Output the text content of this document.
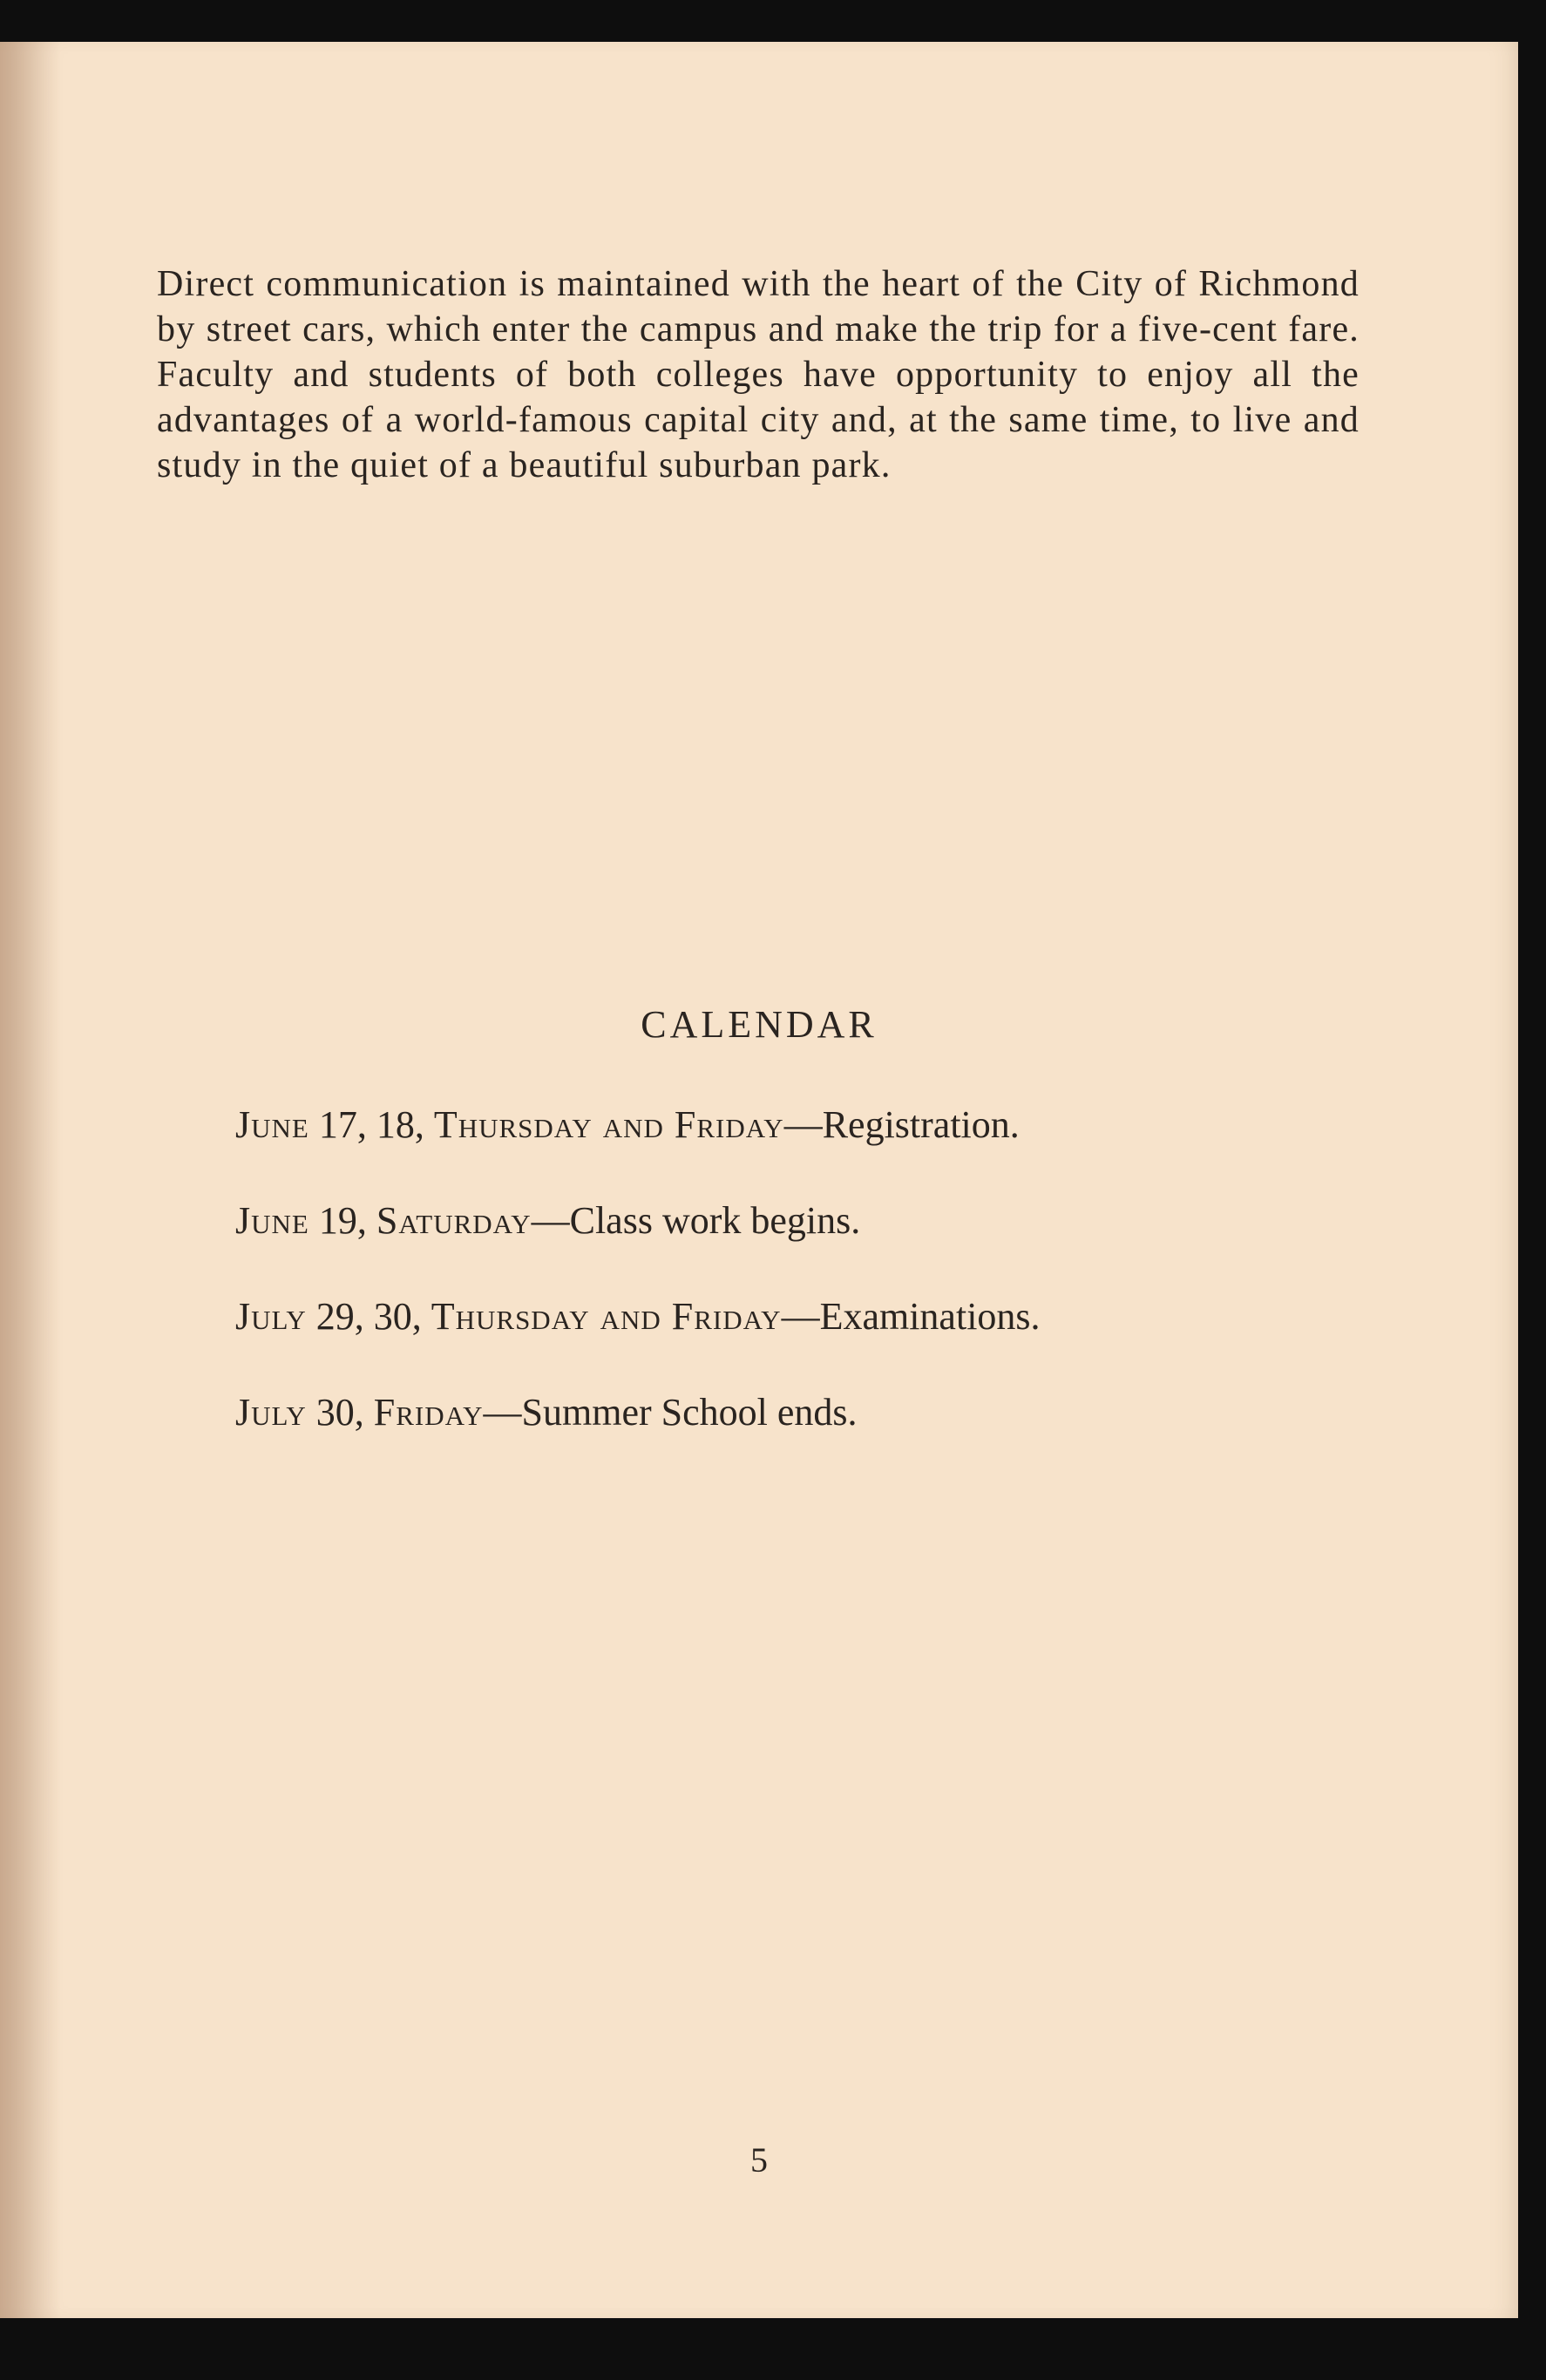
Direct communication is maintained with the heart of the City of Richmond by street cars, which enter the campus and make the trip for a five-cent fare. Faculty and students of both colleges have opportunity to enjoy all the advantages of a world-famous capital city and, at the same time, to live and study in the quiet of a beautiful suburban park.

CALENDAR
June 17, 18, Thursday and Friday—Registration.
June 19, Saturday—Class work begins.
July 29, 30, Thursday and Friday—Examinations.
July 30, Friday—Summer School ends.
5
